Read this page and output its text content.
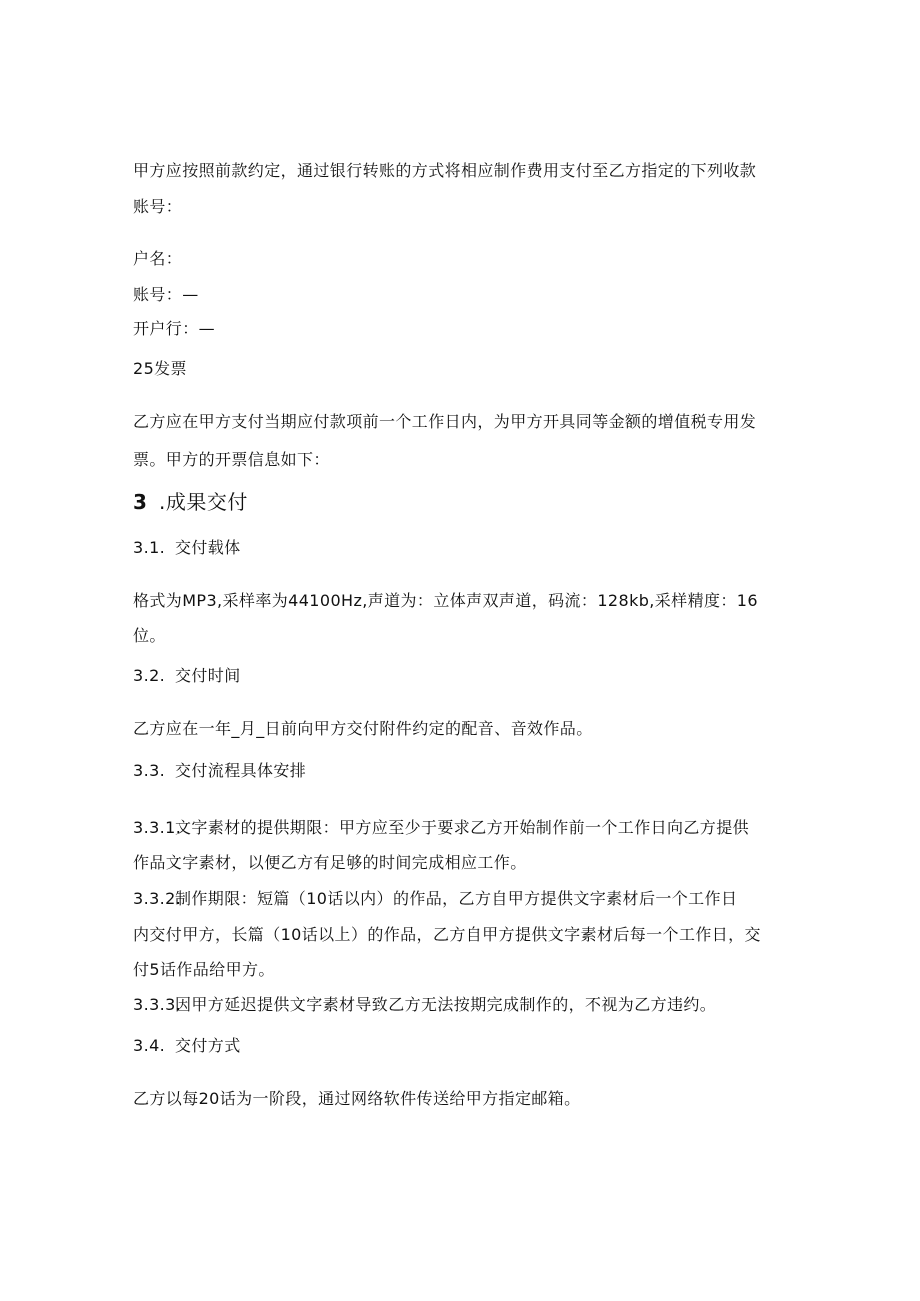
甲方应按照前款约定，通过银行转账的方式将相应制作费用支付至乙方指定的下列收款
账号：
户名：
账号：—
开户行：—
25发票
乙方应在甲方支付当期应付款项前一个工作日内，为甲方开具同等金额的增值税专用发
票。甲方的开票信息如下：
3 .成果交付
3.1. 交付载体
格式为MP3,采样率为44100Hz,声道为：立体声双声道，码流：128kb,采样精度：16
位。
3.2. 交付时间
乙方应在一年_月_日前向甲方交付附件约定的配音、音效作品。
3.3. 交付流程具体安排
3.3.1.文字素材的提供期限：甲方应至少于要求乙方开始制作前一个工作日向乙方提供
作品文字素材，以便乙方有足够的时间完成相应工作。
3.3.2.制作期限：短篇（10话以内）的作品，乙方自甲方提供文字素材后一个工作日
内交付甲方，长篇（10话以上）的作品，乙方自甲方提供文字素材后每一个工作日，交
付5话作品给甲方。
3.3.3.因甲方延迟提供文字素材导致乙方无法按期完成制作的，不视为乙方违约。
3.4. 交付方式
乙方以每20话为一阶段，通过网络软件传送给甲方指定邮箱。
